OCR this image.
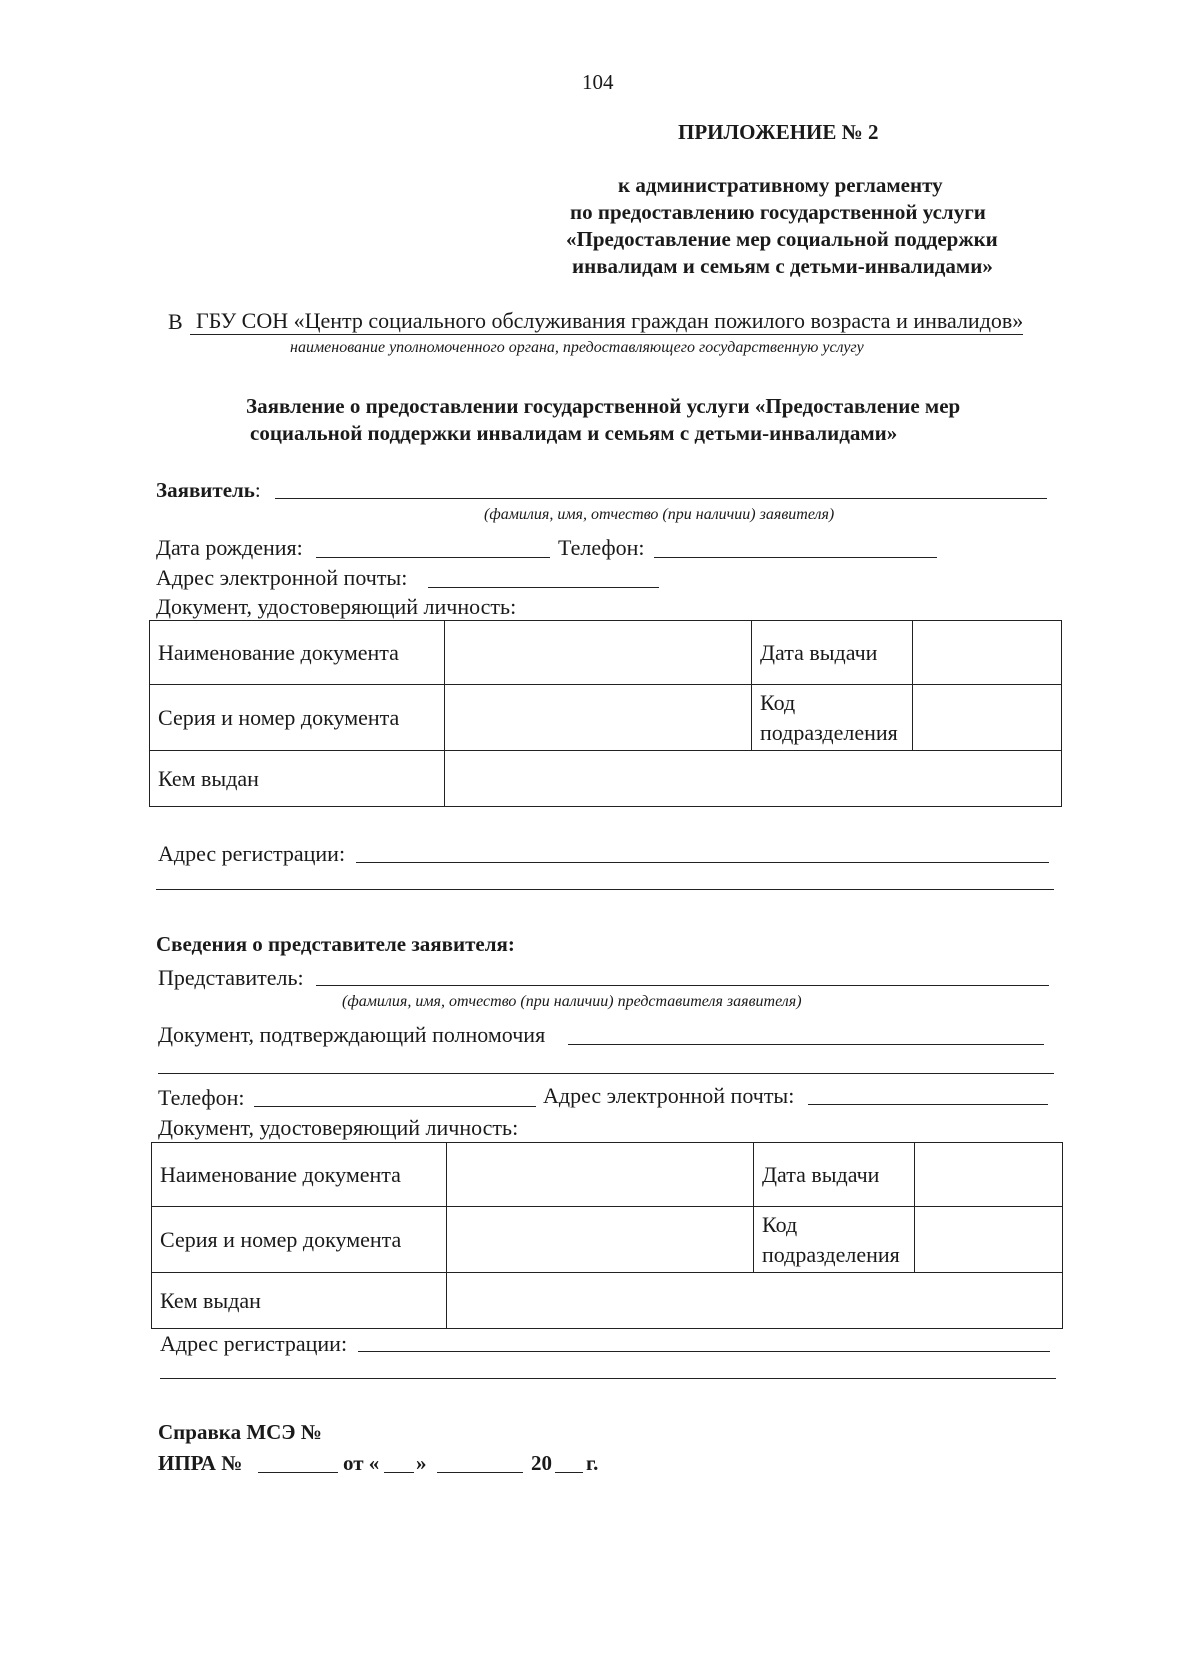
104
ПРИЛОЖЕНИЕ № 2
к административному регламенту
по предоставлению государственной услуги
«Предоставление мер социальной поддержки
инвалидам и семьям с детьми-инвалидами»
В ГБУ СОН «Центр социального обслуживания граждан пожилого возраста и инвалидов»
наименование уполномоченного органа, предоставляющего государственную услугу
Заявление о предоставлении государственной услуги «Предоставление мер
социальной поддержки инвалидам и семьям с детьми-инвалидами»
Заявитель:
(фамилия, имя, отчество (при наличии) заявителя)
Дата рождения:	Телефон:
Адрес электронной почты:
Документ, удостоверяющий личность:
Наименование документа		Дата выдачи	
Серия и номер документа		Код
подразделения	

Кем выдан			
Адрес регистрации:
Сведения о представителе заявителя:
Представитель:
(фамилия, имя, отчество (при наличии) представителя заявителя)
Документ, подтверждающий полномочия
Телефон:	Адрес электронной почты:
Документ, удостоверяющий личность:
Наименование документа		Дата выдачи	
Серия и номер документа		Код
подразделения	

Кем выдан			
Адрес регистрации:
Справка МСЭ №
ИПРА №	от « »	20 г.
